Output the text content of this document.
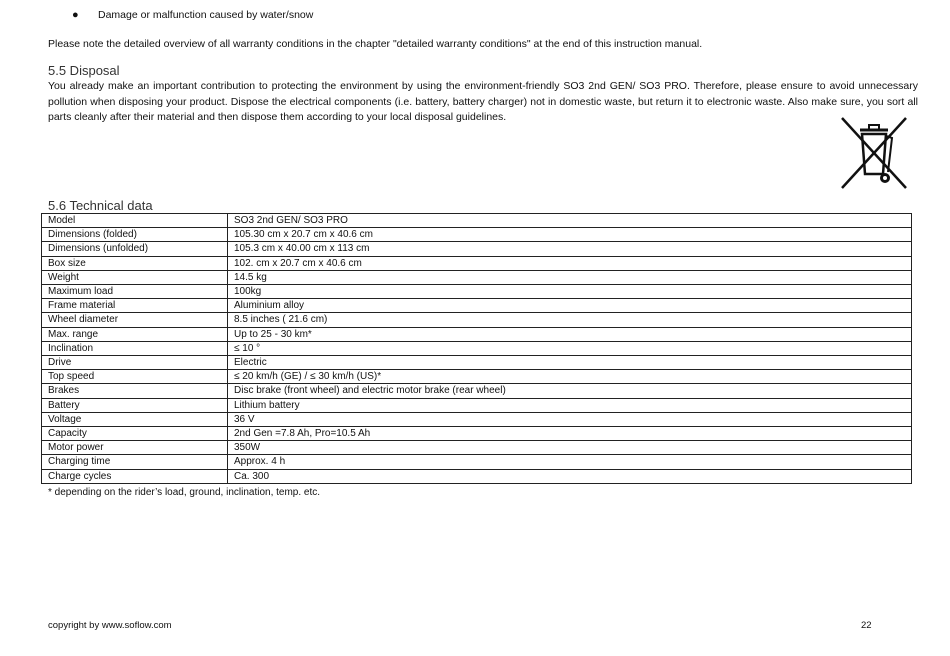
● Damage or malfunction caused by water/snow
Please note the detailed overview of all warranty conditions in the chapter "detailed warranty conditions" at the end of this instruction manual.
5.5 Disposal

You already make an important contribution to protecting the environment by using the environment-friendly SO3 2nd GEN/ SO3 PRO. Therefore, please ensure to avoid unnecessary pollution when disposing your product. Dispose the electrical components (i.e. battery, battery charger) not in domestic waste, but return it to electronic waste. Also make sure, you sort all parts cleanly after their material and then dispose them according to your local disposal guidelines.

5.6 Technical data
Model	SO3 2nd GEN/ SO3 PRO
Dimensions (folded)	105.30 cm x 20.7 cm x 40.6 cm
Dimensions (unfolded)	105.3 cm x 40.00 cm x 113 cm
Box size	102. cm x 20.7 cm x 40.6 cm
Weight	14.5 kg
Maximum load	100kg
Frame material	Aluminium alloy
Wheel diameter	8.5 inches ( 21.6 cm)
Max. range	Up to 25 - 30 km*
Inclination	≤ 10 °
Drive	Electric
Top speed	≤ 20 km/h (GE) / ≤ 30 km/h (US)*
Brakes	Disc brake (front wheel) and electric motor brake (rear wheel)
Battery	Lithium battery
Voltage	36 V
Capacity	2nd Gen =7.8 Ah, Pro=10.5 Ah
Motor power	350W
Charging time	Approx. 4 h
Charge cycles	Ca. 300
* depending on the rider’s load, ground, inclination, temp. etc.
copyright by www.soflow.com	22
